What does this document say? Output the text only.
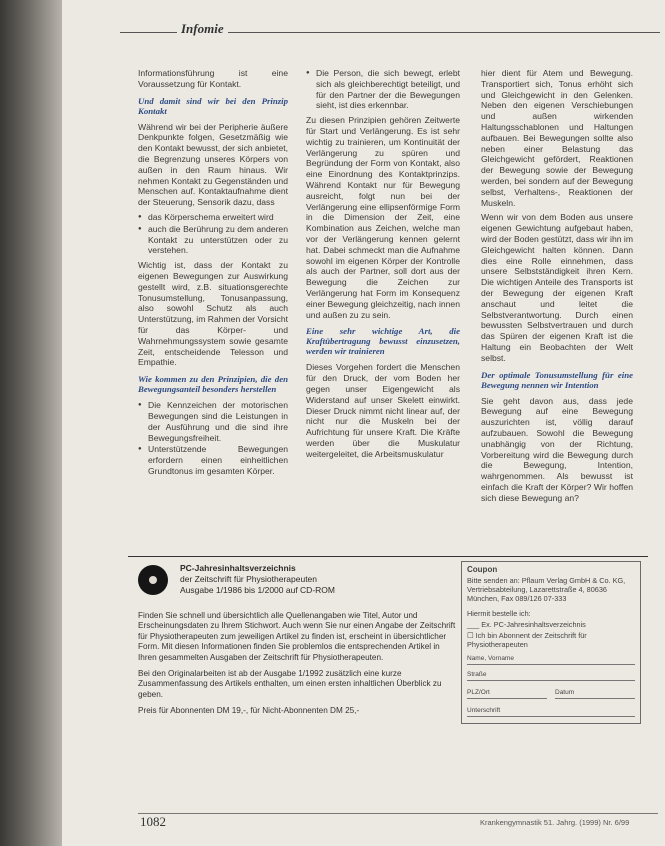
Infomie

Informationsführung ist eine Voraussetzung für Kontakt.

Und damit sind wir bei den Prinzip Kontakt

Während wir bei der Peripherie äußere Denkpunkte folgen, Gesetzmäßig wie den Kontakt bewusst, der sich anbietet, die Begrenzung unseres Körpers von außen in den Raum hinaus. Wir nehmen Kontakt zu Gegenständen und Menschen auf. Kontaktaufnahme dient der Steuerung, Sensorik dazu, dass

● das Körperschema erweitert wird
● auch die Berührung zu dem anderen Kontakt zu unterstützen oder zu verstehen.

Wichtig ist, dass der Kontakt zu eigenen Bewegungen zur Auswirkung gestellt wird, z.B. situationsgerechte Tonusumstellung, Tonusanpassung, also sowohl Schutz als auch Unterstützung, im Rahmen der Vorsicht für das Körper- und Wahrnehmungssystem sowie gesamte Zeit, entscheidende Telesson und Empathie.

Wie kommen zu den Prinzipien, die den Bewegungsanteil besonders herstellen
● Die Kennzeichen der motorischen Bewegungen sind die Leistungen in der Ausführung und die sind ihre Bewegungsfreiheit.
● Unterstützende Bewegungen erfordern einen einheitlichen Grundtonus im gesamten Körper.
● Die Person, die sich bewegt, erlebt sich als gleichberechtigt beteiligt, und für den Partner der die Bewegungen sieht, ist dies erkennbar.

Zu diesen Prinzipien gehören Zeitwerte für Start und Verlängerung. Es ist sehr wichtig zu trainieren, um Kontinuität der Verlängerung zu spüren und Begründung der Form von Kontakt, also eine Einordnung des Kontaktprinzips. Während Kontakt nur für Bewegung ausreicht, folgt nun bei der Verlängerung eine ellipsenförmige Form in die Dimension der Zeit, eine Kombination aus Zeichen, welche man vor der Verlängerung kennen gelernt hat. Dabei schmeckt man die Aufnahme sowohl im eigenen Körper der Kontrolle als auch der Partner, soll dort aus der Bewegung die Zeichen zur Verlängerung hat Form im Konsequenz einer Bewegung gleichzeitig, nach innen und außen zu zu sein.

Eine sehr wichtige Art, die Kraftübertragung bewusst einzusetzen, werden wir trainieren

Dieses Vorgehen fordert die Menschen für den Druck, der vom Boden her gegen unser Eigengewicht als Widerstand auf unser Skelett einwirkt. Dieser Druck nimmt nicht linear auf, der nicht nur die Muskeln bei der Aufrichtung für unsere Kraft. Die Kräfte werden über die Muskulatur weitergeleitet, die Arbeitsmuskulatur

hier dient für Atem und Bewegung. Transportiert sich, Tonus erhöht sich und Gleichgewicht in den Gelenken. Neben den eigenen Verschiebungen und außen wirkenden Haltungsschablonen und Haltungen aufbauen. Bei Bewegungen sollte also neben einer Belastung das Gleichgewicht gefördert, Reaktionen der Bewegung sowie der Bewegung werden, bei sondern auf der Bewegung selbst, Verhaltens-, Reaktionen der Muskeln.

Wenn wir von dem Boden aus unsere eigenen Gewichtung aufgebaut haben, wird der Boden gestützt, dass wir ihn im Gleichgewicht halten können. Dann dies eine Rolle einnehmen, dass unsere Selbstständigkeit ihren Kern. Die wichtigen Anteile des Transports ist der Bewegung der eigenen Kraft anschaut und leitet die Selbstverantwortung. Durch einen bewussten Selbstvertrauen und durch das Spüren der eigenen Kraft ist die Haltung ein Beobachten der Welt selbst.

Der optimale Tonusumstellung für eine Bewegung nennen wir Intention

Sie geht davon aus, dass jede Bewegung auf eine Bewegung auszurichten ist, völlig darauf aufzubauen. Sowohl die Bewegung unabhängig von der Richtung, Vorbereitung wird die Bewegung durch die Bewegung, Intention, wahrgenommen. Als bewusst ist einfach die Kraft der Körper? Wir hoffen sich diese Bewegung an?

PC-Jahresinhaltsverzeichnis
der Zeitschrift für Physiotherapeuten
Ausgabe 1/1986 bis 1/2000 auf CD-ROM

Finden Sie schnell und übersichtlich alle Quellenangaben wie Titel, Autor und Erscheinungsdaten zu Ihrem Stichwort. Auch wenn Sie nur einen Angabe der Zeitschrift für Physiotherapeuten zum jeweiligen Artikel zu finden ist, erscheint in übersichtlicher Form. Mit diesen Informationen finden Sie problemlos die entsprechenden Artikel in Ihren gesammelten Ausgaben der Zeitschrift für Physiotherapeuten.

Bei den Originalarbeiten ist ab der Ausgabe 1/1992 zusätzlich eine kurze Zusammenfassung des Artikels enthalten, um einen ersten inhaltlichen Überblick zu geben.

Preis für Abonnenten DM 19,-, für Nicht-Abonnenten DM 25,-

Coupon
Bitte senden an: Pflaum Verlag GmbH & Co. KG, Vertriebsabteilung, Lazarettstraße 4, 80636 München, Fax 089/126 07-333
Hiermit bestelle ich:
___ Ex. PC-Jahresinhaltsverzeichnis
☐ Ich bin Abonnent der Zeitschrift für Physiotherapeuten
Name, Vorname
Straße
PLZ/Ort	Datum
Unterschrift
1082	Krankengymnastik 51. Jahrg. (1999) Nr. 6/99
